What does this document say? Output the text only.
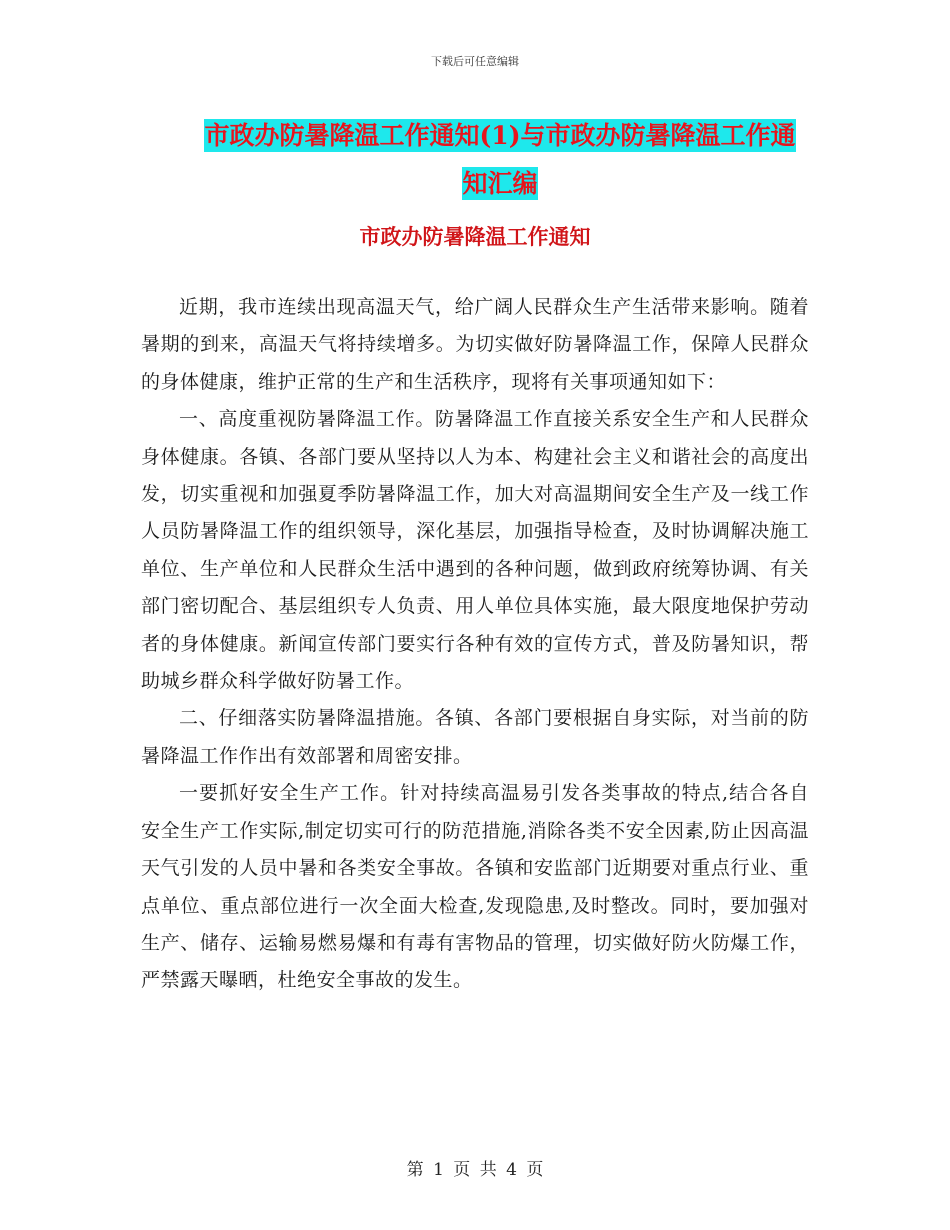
下载后可任意编辑
市政办防暑降温工作通知(1)与市政办防暑降温工作通
知汇编
市政办防暑降温工作通知

近期，我市连续出现高温天气，给广阔人民群众生产生活带来影响。随着暑期的到来，高温天气将持续增多。为切实做好防暑降温工作，保障人民群众的身体健康，维护正常的生产和生活秩序，现将有关事项通知如下：

一、高度重视防暑降温工作。防暑降温工作直接关系安全生产和人民群众身体健康。各镇、各部门要从坚持以人为本、构建社会主义和谐社会的高度出发，切实重视和加强夏季防暑降温工作，加大对高温期间安全生产及一线工作人员防暑降温工作的组织领导，深化基层，加强指导检查，及时协调解决施工单位、生产单位和人民群众生活中遇到的各种问题，做到政府统筹协调、有关部门密切配合、基层组织专人负责、用人单位具体实施，最大限度地保护劳动者的身体健康。新闻宣传部门要实行各种有效的宣传方式，普及防暑知识，帮助城乡群众科学做好防暑工作。

二、仔细落实防暑降温措施。各镇、各部门要根据自身实际，对当前的防暑降温工作作出有效部署和周密安排。

一要抓好安全生产工作。针对持续高温易引发各类事故的特点,结合各自安全生产工作实际,制定切实可行的防范措施,消除各类不安全因素,防止因高温天气引发的人员中暑和各类安全事故。各镇和安监部门近期要对重点行业、重点单位、重点部位进行一次全面大检查,发现隐患,及时整改。同时，要加强对生产、储存、运输易燃易爆和有毒有害物品的管理，切实做好防火防爆工作，严禁露天曝晒，杜绝安全事故的发生。

第 1 页 共 4 页
